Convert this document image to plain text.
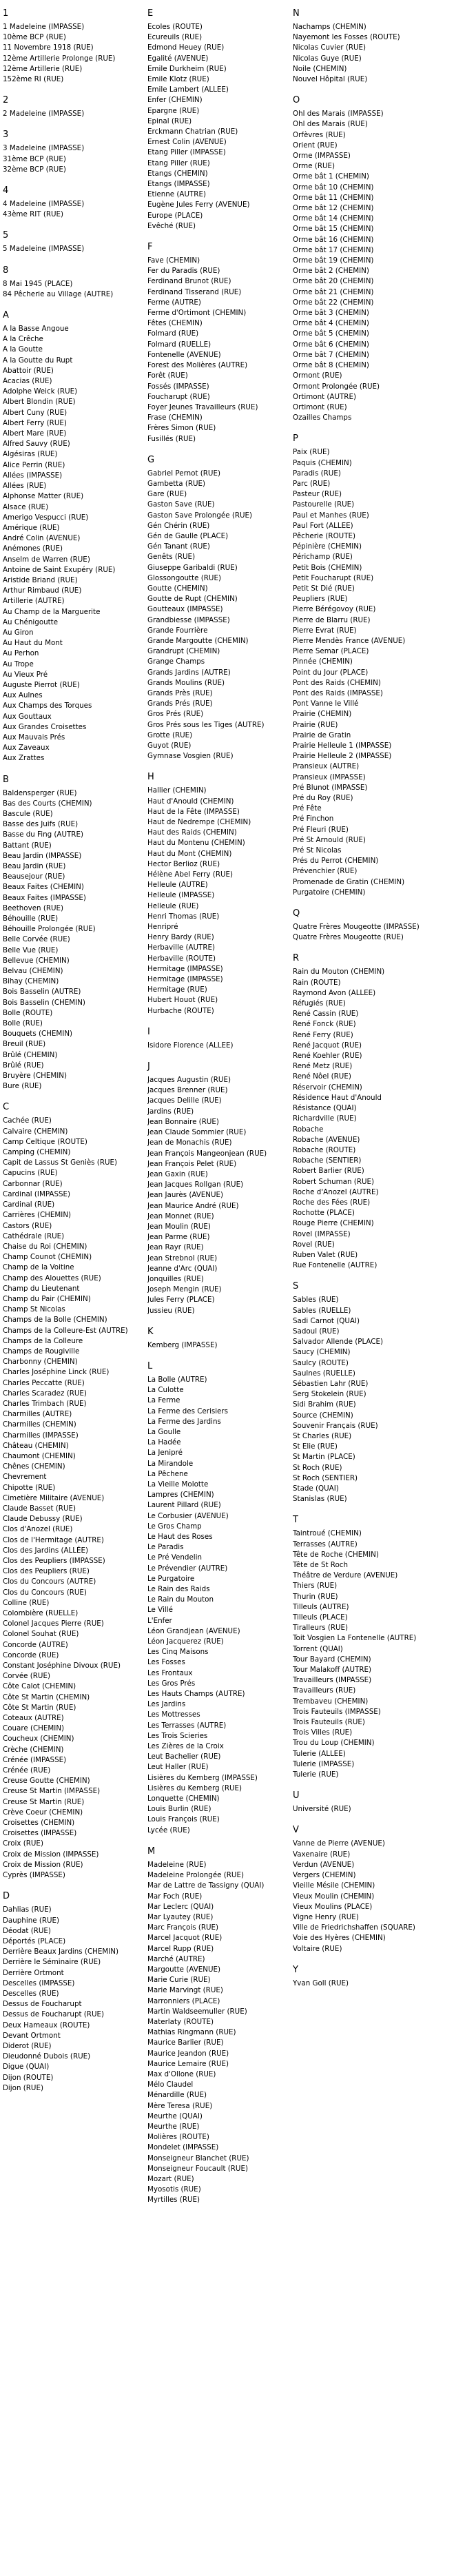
1
1 Madeleine (IMPASSE)
10ème BCP (RUE)
11 Novembre 1918 (RUE)
12ème Artillerie Prolonge (RUE)
12ème Artillerie (RUE)
152ème RI (RUE)
2
2 Madeleine (IMPASSE)
3
3 Madeleine (IMPASSE)
31ème BCP (RUE)
32ème BCP (RUE)
4
4 Madeleine (IMPASSE)
43ème RIT (RUE)
5
5 Madeleine (IMPASSE)
8
8 Mai 1945 (PLACE)
84 Pêcherie au Village (AUTRE)
A
A la Basse Angoue
A la Crêche
A la Goutte
A la Goutte du Rupt
Abattoir (RUE)
Acacias (RUE)
Adolphe Weick (RUE)
Albert Blondin (RUE)
Albert Cuny (RUE)
Albert Ferry (RUE)
Albert Mare (RUE)
Alfred Sauvy (RUE)
Algésiras (RUE)
Alice Perrin (RUE)
Allées (IMPASSE)
Allées (RUE)
Alphonse Matter (RUE)
Alsace (RUE)
Amerigo Vespucci (RUE)
Amérique (RUE)
André Colin (AVENUE)
Anémones (RUE)
Anselm de Warren (RUE)
Antoine de Saint Exupéry (RUE)
Aristide Briand (RUE)
Arthur Rimbaud (RUE)
Artillerie (AUTRE)
Au Champ de la Marguerite
Au Chénigoutte
Au Giron
Au Haut du Mont
Au Perhon
Au Trope
Au Vieux Pré
Auguste Pierrot (RUE)
Aux Aulnes
Aux Champs des Torques
Aux Gouttaux
Aux Grandes Croisettes
Aux Mauvais Prés
Aux Zaveaux
Aux Zrattes
B
Baldensperger (RUE)
Bas des Courts (CHEMIN)
Bascule (RUE)
Basse des Juifs (RUE)
Basse du Fing (AUTRE)
Battant (RUE)
Beau Jardin (IMPASSE)
Beau Jardin (RUE)
Beausejour (RUE)
Beaux Faites (CHEMIN)
Beaux Faites (IMPASSE)
Beethoven (RUE)
Béhouille (RUE)
Béhouille Prolongée (RUE)
Belle Corvée (RUE)
Belle Vue (RUE)
Bellevue (CHEMIN)
Belvau (CHEMIN)
Bihay (CHEMIN)
Bois Basselin (AUTRE)
Bois Basselin (CHEMIN)
Bolle (ROUTE)
Bolle (RUE)
Bouquets (CHEMIN)
Breuil (RUE)
Brûlé (CHEMIN)
Brûlé (RUE)
Bruyère (CHEMIN)
Bure (RUE)
C
Cachée (RUE)
Calvaire (CHEMIN)
Camp Celtique (ROUTE)
Camping (CHEMIN)
Capit de Lassus St Geniès (RUE)
Capucins (RUE)
Carbonnar (RUE)
Cardinal (IMPASSE)
Cardinal (RUE)
Carrières (CHEMIN)
Castors (RUE)
Cathédrale (RUE)
Chaise du Roi (CHEMIN)
Champ Counot (CHEMIN)
Champ de la Voitine
Champ des Alouettes (RUE)
Champ du Lieutenant
Champ du Pair (CHEMIN)
Champ St Nicolas
Champs de la Bolle (CHEMIN)
Champs de la Colleure-Est (AUTRE)
Champs de la Colleure
Champs de Rougiville
Charbonny (CHEMIN)
Charles Joséphine Linck (RUE)
Charles Peccatte (RUE)
Charles Scaradez (RUE)
Charles Trimbach (RUE)
Charmilles (AUTRE)
Charmilles (CHEMIN)
Charmilles (IMPASSE)
Château (CHEMIN)
Chaumont (CHEMIN)
Chênes (CHEMIN)
Chevrement
Chipotte (RUE)
Cimetière Militaire (AVENUE)
Claude Basset (RUE)
Claude Debussy (RUE)
Clos d'Anozel (RUE)
Clos de l'Hermitage (AUTRE)
Clos des Jardins (ALLÉE)
Clos des Peupliers (IMPASSE)
Clos des Peupliers (RUE)
Clos du Concours (AUTRE)
Clos du Concours (RUE)
Colline (RUE)
Colombière (RUELLE)
Colonel Jacques Pierre (RUE)
Colonel Souhat (RUE)
Concorde (AUTRE)
Concorde (RUE)
Constant Joséphine Divoux (RUE)
Corvée (RUE)
Côte Calot (CHEMIN)
Côte St Martin (CHEMIN)
Côte St Martin (RUE)
Coteaux (AUTRE)
Couare (CHEMIN)
Coucheux (CHEMIN)
Crèche (CHEMIN)
Crénée (IMPASSE)
Crénée (RUE)
Creuse Goutte (CHEMIN)
Creuse St Martin (IMPASSE)
Creuse St Martin (RUE)
Crève Coeur (CHEMIN)
Croisettes (CHEMIN)
Croisettes (IMPASSE)
Croix (RUE)
Croix de Mission (IMPASSE)
Croix de Mission (RUE)
Cyprès (IMPASSE)
D
Dahlias (RUE)
Dauphine (RUE)
Déodat (RUE)
Déportés (PLACE)
Derrière Beaux Jardins (CHEMIN)
Derrière le Séminaire (RUE)
Derrière Ortmont
Descelles (IMPASSE)
Descelles (RUE)
Dessus de Foucharupt
Dessus de Foucharupt (RUE)
Deux Hameaux (ROUTE)
Devant Ortmont
Diderot (RUE)
Dieudonné Dubois (RUE)
Digue (QUAI)
Dijon (ROUTE)
Dijon (RUE)
E
Ecoles (ROUTE)
Ecureuils (RUE)
Edmond Heuey (RUE)
Egalité (AVENUE)
Emile Durkheim (RUE)
Emile Klotz (RUE)
Emile Lambert (ALLEE)
Enfer (CHEMIN)
Epargne (RUE)
Epinal (RUE)
Erckmann Chatrian (RUE)
Ernest Colin (AVENUE)
Etang Piller (IMPASSE)
Etang Piller (RUE)
Etangs (CHEMIN)
Etangs (IMPASSE)
Etienne (AUTRE)
Eugène Jules Ferry (AVENUE)
Europe (PLACE)
Evêché (RUE)
F
Fave (CHEMIN)
Fer du Paradis (RUE)
Ferdinand Brunot (RUE)
Ferdinand Tisserand (RUE)
Ferme (AUTRE)
Ferme d'Ortimont (CHEMIN)
Fêtes (CHEMIN)
Folmard (RUE)
Folmard (RUELLE)
Fontenelle (AVENUE)
Forest des Molières (AUTRE)
Forêt (RUE)
Fossés (IMPASSE)
Foucharupt (RUE)
Foyer Jeunes Travailleurs (RUE)
Frase (CHEMIN)
Frères Simon (RUE)
Fusillés (RUE)
G
Gabriel Pernot (RUE)
Gambetta (RUE)
Gare (RUE)
Gaston Save (RUE)
Gaston Save Prolongée (RUE)
Gén Chérin (RUE)
Gén de Gaulle (PLACE)
Gén Tanant (RUE)
Genêts (RUE)
Giuseppe Garibaldi (RUE)
Glossongoutte (RUE)
Goutte (CHEMIN)
Goutte de Rupt (CHEMIN)
Goutteaux (IMPASSE)
Grandbiesse (IMPASSE)
Grande Fourrière
Grande Margoutte (CHEMIN)
Grandrupt (CHEMIN)
Grange Champs
Grands Jardins (AUTRE)
Grands Moulins (RUE)
Grands Près (RUE)
Grands Prés (RUE)
Gros Prés (RUE)
Gros Prés sous les Tiges (AUTRE)
Grotte (RUE)
Guyot (RUE)
Gymnase Vosgien (RUE)
H
Hallier (CHEMIN)
Haut d'Anould (CHEMIN)
Haut de la Fête (IMPASSE)
Haut de Nedrempe (CHEMIN)
Haut des Raids (CHEMIN)
Haut du Montenu (CHEMIN)
Haut du Mont (CHEMIN)
Hector Berlioz (RUE)
Hélène Abel Ferry (RUE)
Helleule (AUTRE)
Helleule (IMPASSE)
Helleule (RUE)
Henri Thomas (RUE)
Henripré
Henry Bardy (RUE)
Herbaville (AUTRE)
Herbaville (ROUTE)
Hermitage (IMPASSE)
Hermitage (IMPASSE)
Hermitage (RUE)
Hubert Houot (RUE)
Hurbache (ROUTE)
I
Isidore Florence (ALLEE)
J
Jacques Augustin (RUE)
Jacques Brenner (RUE)
Jacques Delille (RUE)
Jardins (RUE)
Jean Bonnaire (RUE)
Jean Claude Sommier (RUE)
Jean de Monachis (RUE)
Jean François Mangeonjean (RUE)
Jean François Pelet (RUE)
Jean Gaxin (RUE)
Jean Jacques Rollgan (RUE)
Jean Jaurès (AVENUE)
Jean Maurice André (RUE)
Jean Monnet (RUE)
Jean Moulin (RUE)
Jean Parme (RUE)
Jean Rayr (RUE)
Jean Strebnol (RUE)
Jeanne d'Arc (QUAI)
Jonquilles (RUE)
Joseph Mengin (RUE)
Jules Ferry (PLACE)
Jussieu (RUE)
K
Kemberg (IMPASSE)
L
La Bolle (AUTRE)
La Culotte
La Ferme
La Ferme des Cerisiers
La Ferme des Jardins
La Goulle
La Hadée
La Jenipré
La Mirandole
La Pêchene
La Vieille Molotte
Lampres (CHEMIN)
Laurent Pillard (RUE)
Le Corbusier (AVENUE)
Le Gros Champ
Le Haut des Roses
Le Paradis
Le Pré Vendelin
Le Prévendier (AUTRE)
Le Purgatoire
Le Rain des Raids
Le Rain du Mouton
Le Villé
L'Enfer
Léon Grandjean (AVENUE)
Léon Jacquerez (RUE)
Les Cinq Maisons
Les Fosses
Les Frontaux
Les Gros Prés
Les Hauts Champs (AUTRE)
Les Jardins
Les Mottresses
Les Terrasses (AUTRE)
Les Trois Scieries
Les Zières de la Croix
Leut Bachelier (RUE)
Leut Haller (RUE)
Lisières du Kemberg (IMPASSE)
Lisières du Kemberg (RUE)
Lonquette (CHEMIN)
Louis Burlin (RUE)
Louis François (RUE)
Lycée (RUE)
M
Madeleine (RUE)
Madeleine Prolongée (RUE)
Mar de Lattre de Tassigny (QUAI)
Mar Foch (RUE)
Mar Leclerc (QUAI)
Mar Lyautey (RUE)
Marc François (RUE)
Marcel Jacquot (RUE)
Marcel Rupp (RUE)
Marché (AUTRE)
Margoutte (AVENUE)
Marie Curie (RUE)
Marie Marvingt (RUE)
Marronniers (PLACE)
Martin Waldseemuller (RUE)
Materlaty (ROUTE)
Mathias Ringmann (RUE)
Maurice Barlier (RUE)
Maurice Jeandon (RUE)
Maurice Lemaire (RUE)
Max d'Ollone (RUE)
Mélo Claudel
Ménardille (RUE)
Mère Teresa (RUE)
Meurthe (QUAI)
Meurthe (RUE)
Molières (ROUTE)
Mondelet (IMPASSE)
Monseigneur Blanchet (RUE)
Monseigneur Foucault (RUE)
Mozart (RUE)
Myosotis (RUE)
Myrtilles (RUE)
N
Nachamps (CHEMIN)
Nayemont les Fosses (ROUTE)
Nicolas Cuvier (RUE)
Nicolas Guye (RUE)
Noile (CHEMIN)
Nouvel Hôpital (RUE)
O
Ohl des Marais (IMPASSE)
Ohl des Marais (RUE)
Orfèvres (RUE)
Orient (RUE)
Orme (IMPASSE)
Orme (RUE)
Orme bât 1 (CHEMIN)
Orme bât 10 (CHEMIN)
Orme bât 11 (CHEMIN)
Orme bât 12 (CHEMIN)
Orme bât 14 (CHEMIN)
Orme bât 15 (CHEMIN)
Orme bât 16 (CHEMIN)
Orme bât 17 (CHEMIN)
Orme bât 19 (CHEMIN)
Orme bât 2 (CHEMIN)
Orme bât 20 (CHEMIN)
Orme bât 21 (CHEMIN)
Orme bât 22 (CHEMIN)
Orme bât 3 (CHEMIN)
Orme bât 4 (CHEMIN)
Orme bât 5 (CHEMIN)
Orme bât 6 (CHEMIN)
Orme bât 7 (CHEMIN)
Orme bât 8 (CHEMIN)
Ormont (RUE)
Ormont Prolongée (RUE)
Ortimont (AUTRE)
Ortimont (RUE)
Ozailles Champs
P
Paix (RUE)
Paquis (CHEMIN)
Paradis (RUE)
Parc (RUE)
Pasteur (RUE)
Pastourelle (RUE)
Paul et Manhes (RUE)
Paul Fort (ALLEE)
Pêcherie (ROUTE)
Pépinière (CHEMIN)
Périchamp (RUE)
Petit Bois (CHEMIN)
Petit Foucharupt (RUE)
Petit St Dié (RUE)
Peupliers (RUE)
Pierre Bérégovoy (RUE)
Pierre de Blarru (RUE)
Pierre Evrat (RUE)
Pierre Mendès France (AVENUE)
Pierre Semar (PLACE)
Pinnée (CHEMIN)
Point du Jour (PLACE)
Pont des Raids (CHEMIN)
Pont des Raids (IMPASSE)
Pont Vanne le Villé
Prairie (CHEMIN)
Prairie (RUE)
Prairie de Gratin
Prairie Helleule 1 (IMPASSE)
Prairie Helleule 2 (IMPASSE)
Pransieux (AUTRE)
Pransieux (IMPASSE)
Pré Blunot (IMPASSE)
Pré du Roy (RUE)
Pré Fête
Pré Finchon
Pré Fleuri (RUE)
Pré St Arnould (RUE)
Pré St Nicolas
Prés du Perrot (CHEMIN)
Prévenchier (RUE)
Promenade de Gratin (CHEMIN)
Purgatoire (CHEMIN)
Q
Quatre Frères Mougeotte (IMPASSE)
Quatre Frères Mougeotte (RUE)
R
Rain du Mouton (CHEMIN)
Rain (ROUTE)
Raymond Avon (ALLEE)
Réfugiés (RUE)
René Cassin (RUE)
René Fonck (RUE)
René Ferry (RUE)
René Jacquot (RUE)
René Koehler (RUE)
René Metz (RUE)
René Nôel (RUE)
Réservoir (CHEMIN)
Résidence Haut d'Anould
Résistance (QUAI)
Richardville (RUE)
Robache
Robache (AVENUE)
Robache (ROUTE)
Robache (SENTIER)
Robert Barlier (RUE)
Robert Schuman (RUE)
Roche d'Anozel (AUTRE)
Roche des Fées (RUE)
Rochotte (PLACE)
Rouge Pierre (CHEMIN)
Rovel (IMPASSE)
Rovel (RUE)
Ruben Valet (RUE)
Rue Fontenelle (AUTRE)
S
Sables (RUE)
Sables (RUELLE)
Sadi Carnot (QUAI)
Sadoul (RUE)
Salvador Allende (PLACE)
Saucy (CHEMIN)
Saulcy (ROUTE)
Saulnes (RUELLE)
Sébastien Lahr (RUE)
Serg Stokelein (RUE)
Sidi Brahim (RUE)
Source (CHEMIN)
Souvenir Français (RUE)
St Charles (RUE)
St Elie (RUE)
St Martin (PLACE)
St Roch (RUE)
St Roch (SENTIER)
Stade (QUAI)
Stanislas (RUE)
T
Taintroué (CHEMIN)
Terrasses (AUTRE)
Tête de Roche (CHEMIN)
Tête de St Roch
Théâtre de Verdure (AVENUE)
Thiers (RUE)
Thurin (RUE)
Tilleuls (AUTRE)
Tilleuls (PLACE)
Tiralleurs (RUE)
Toit Vosgien La Fontenelle (AUTRE)
Torrent (QUAI)
Tour Bayard (CHEMIN)
Tour Malakoff (AUTRE)
Travailleurs (IMPASSE)
Travailleurs (RUE)
Trembaveu (CHEMIN)
Trois Fauteuils (IMPASSE)
Trois Fauteuils (RUE)
Trois Villes (RUE)
Trou du Loup (CHEMIN)
Tulerie (ALLEE)
Tulerie (IMPASSE)
Tulerie (RUE)
U
Université (RUE)
V
Vanne de Pierre (AVENUE)
Vaxenaire (RUE)
Verdun (AVENUE)
Vergers (CHEMIN)
Vieille Mésile (CHEMIN)
Vieux Moulin (CHEMIN)
Vieux Moulins (PLACE)
Vigne Henry (RUE)
Ville de Friedrichshaffen (SQUARE)
Voie des Hyères (CHEMIN)
Voltaire (RUE)
Y
Yvan Goll (RUE)
